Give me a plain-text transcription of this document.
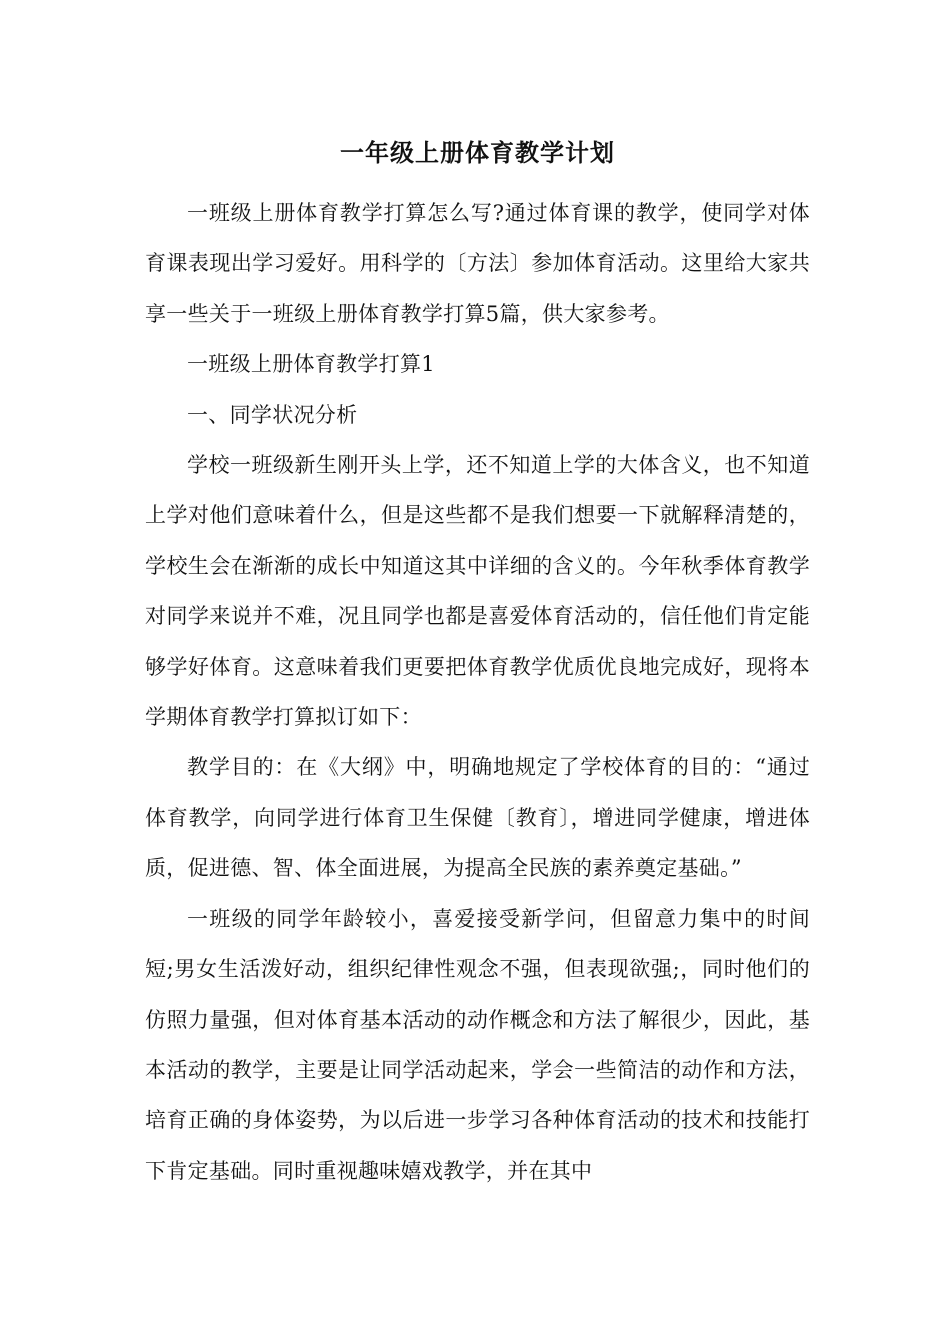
一年级上册体育教学计划

一班级上册体育教学打算怎么写?通过体育课的教学，使同学对体育课表现出学习爱好。用科学的〔方法〕参加体育活动。这里给大家共享一些关于一班级上册体育教学打算5篇，供大家参考。

一班级上册体育教学打算1

一、同学状况分析

学校一班级新生刚开头上学，还不知道上学的大体含义，也不知道上学对他们意味着什么，但是这些都不是我们想要一下就解释清楚的，学校生会在渐渐的成长中知道这其中详细的含义的。今年秋季体育教学对同学来说并不难，况且同学也都是喜爱体育活动的，信任他们肯定能够学好体育。这意味着我们更要把体育教学优质优良地完成好，现将本学期体育教学打算拟订如下：

教学目的：在《大纲》中，明确地规定了学校体育的目的：“通过体育教学，向同学进行体育卫生保健〔教育〕，增进同学健康，增进体质，促进德、智、体全面进展，为提高全民族的素养奠定基础。”

一班级的同学年龄较小，喜爱接受新学问，但留意力集中的时间短;男女生活泼好动，组织纪律性观念不强，但表现欲强;，同时他们的仿照力量强，但对体育基本活动的动作概念和方法了解很少，因此，基本活动的教学，主要是让同学活动起来，学会一些简洁的动作和方法，培育正确的身体姿势，为以后进一步学习各种体育活动的技术和技能打下肯定基础。同时重视趣味嬉戏教学，并在其中
